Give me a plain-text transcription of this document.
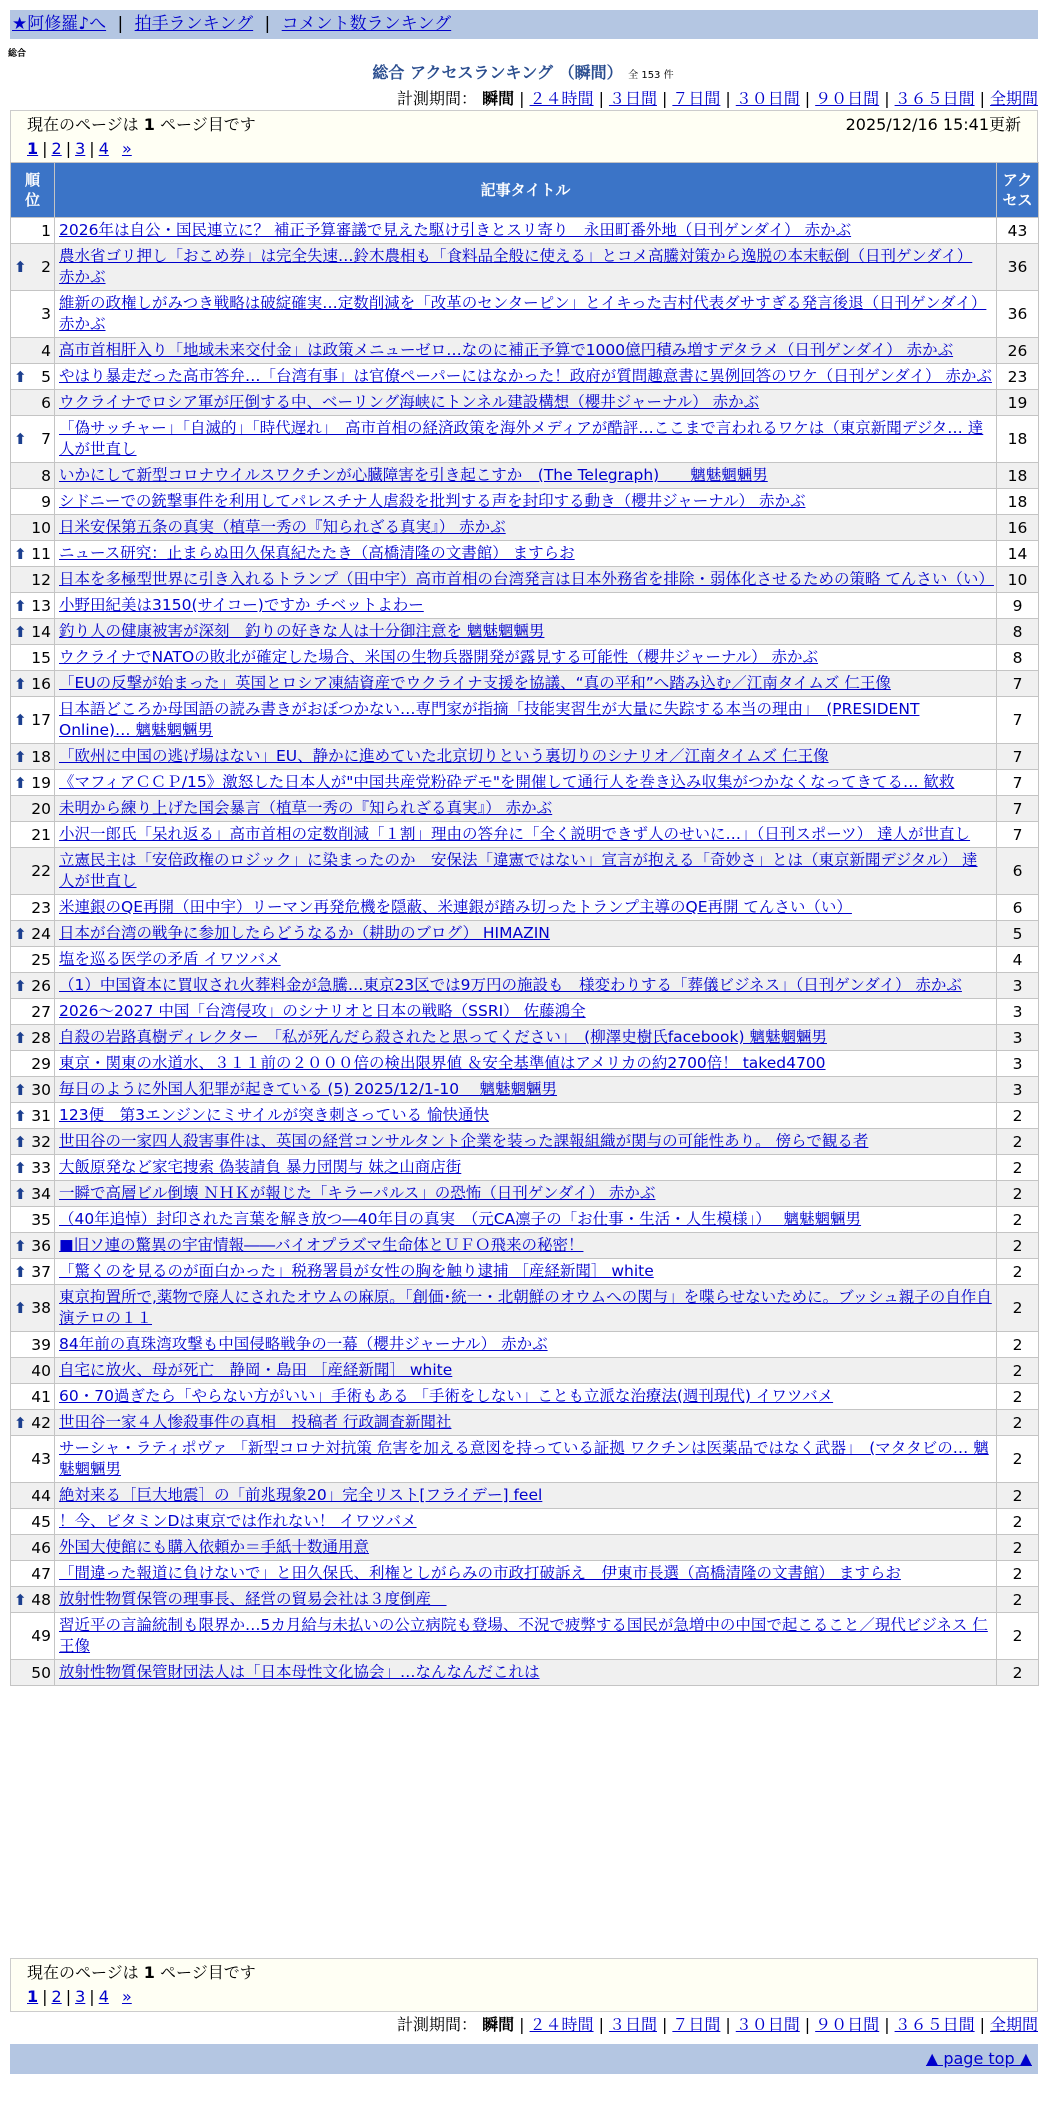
★阿修羅♪へ | 拍手ランキング | コメント数ランキング
総合
総合 アクセスランキング （瞬間） 全 153 件
計測期間： 瞬間 | ２４時間 | ３日間 | ７日間 | ３０日間 | ９０日間 | ３６５日間 | 全期間
現在のページは 1 ページ目です	2025/12/16 15:41更新
1 | 2 | 3 | 4 »
順位	記事タイトル	アクセス
1	2026年は自公・国民連立に？ 補正予算審議で見えた駆け引きとスリ寄り　永田町番外地（日刊ゲンダイ） 赤かぶ	43

⬆ 2	農水省ゴリ押し「おこめ券」は完全失速…鈴木農相も「食料品全般に使える」とコメ高騰対策から逸脱の本末転倒（日刊ゲンダイ） 赤かぶ	36
3	維新の政権しがみつき戦略は破綻確実…定数削減を「改革のセンターピン」とイキった吉村代表ダサすぎる発言後退（日刊ゲンダイ） 赤かぶ	36
4	高市首相肝入り「地域未来交付金」は政策メニューゼロ…なのに補正予算で1000億円積み増すデタラメ（日刊ゲンダイ） 赤かぶ	26

⬆ 5	やはり暴走だった高市答弁…「台湾有事」は官僚ペーパーにはなかった！政府が質問趣意書に異例回答のワケ（日刊ゲンダイ） 赤かぶ	23
6	ウクライナでロシア軍が圧倒する中、ベーリング海峡にトンネル建設構想（櫻井ジャーナル） 赤かぶ	19

⬆ 7	「偽サッチャー」「自滅的」「時代遅れ」　高市首相の経済政策を海外メディアが酷評…ここまで言われるワケは（東京新聞デジタ… 達人が世直し	18
8	いかにして新型コロナウイルスワクチンが心臓障害を引き起こすか　(The Telegraph)　　魑魅魍魎男	18
9	シドニーでの銃撃事件を利用してパレスチナ人虐殺を批判する声を封印する動き（櫻井ジャーナル） 赤かぶ	18
10	日米安保第五条の真実（植草一秀の『知られざる真実』） 赤かぶ	16

⬆ 11	ニュース研究：止まらぬ田久保真紀たたき（高橋清隆の文書館） ますらお	14
12	日本を多極型世界に引き入れるトランプ（田中宇）高市首相の台湾発言は日本外務省を排除・弱体化させるための策略 てんさい（い）	10

⬆ 13	小野田紀美は3150(サイコー)ですか チベットよわー	9

⬆ 14	釣り人の健康被害が深刻　釣りの好きな人は十分御注意を 魑魅魍魎男	8
15	ウクライナでNATOの敗北が確定した場合、米国の生物兵器開発が露見する可能性（櫻井ジャーナル） 赤かぶ	8

⬆ 16	「EUの反撃が始まった」英国とロシア凍結資産でウクライナ支援を協議、“真の平和”へ踏み込む／江南タイムズ 仁王像	7

⬆ 17	日本語どころか母国語の読み書きがおぼつかない…専門家が指摘「技能実習生が大量に失踪する本当の理由」　(PRESIDENT Online)… 魑魅魍魎男	7

⬆ 18	「欧州に中国の逃げ場はない」EU、静かに進めていた北京切りという裏切りのシナリオ／江南タイムズ 仁王像	7

⬆ 19	《マフィアＣＣＰ/15》激怒した日本人が"中国共産党粉砕デモ"を開催して通行人を巻き込み収集がつかなくなってきてる… 歓救	7
20	未明から練り上げた国会暴言（植草一秀の『知られざる真実』） 赤かぶ	7
21	小沢一郎氏「呆れ返る」高市首相の定数削減「１割」理由の答弁に「全く説明できず人のせいに…」（日刊スポーツ） 達人が世直し	7
22	立憲民主は「安倍政権のロジック」に染まったのか　安保法「違憲ではない」宣言が抱える「奇妙さ」とは（東京新聞デジタル） 達人が世直し	6
23	米連銀のQE再開（田中宇）リーマン再発危機を隠蔽、米連銀が踏み切ったトランプ主導のQE再開 てんさい（い）	6

⬆ 24	日本が台湾の戦争に参加したらどうなるか（耕助のブログ） HIMAZIN	5
25	塩を巡る医学の矛盾 イワツバメ	4

⬆ 26	（1）中国資本に買収され火葬料金が急騰…東京23区では9万円の施設も　様変わりする「葬儀ビジネス」（日刊ゲンダイ） 赤かぶ	3
27	2026～2027 中国「台湾侵攻」のシナリオと日本の戦略（SSRI） 佐藤鴻全	3

⬆ 28	自殺の岩路真樹ディレクター　「私が死んだら殺されたと思ってください」　(柳澤史樹氏facebook) 魑魅魍魎男	3
29	東京・関東の水道水、３１１前の２０００倍の検出限界値 ＆安全基準値はアメリカの約2700倍！ taked4700	3

⬆ 30	毎日のように外国人犯罪が起きている (5) 2025/12/1-10　 魑魅魍魎男	3

⬆ 31	123便　第3エンジンにミサイルが突き刺さっている 愉快通快	2

⬆ 32	世田谷の一家四人殺害事件は、英国の経営コンサルタント企業を装った課報組織が関与の可能性あり。 傍らで観る者	2

⬆ 33	大飯原発など家宅捜索 偽装請負 暴力団関与 妹之山商店街	2

⬆ 34	一瞬で高層ビル倒壊 ＮＨＫが報じた「キラーパルス」の恐怖（日刊ゲンダイ） 赤かぶ	2
35	（40年追悼）封印された言葉を解き放つ―40年目の真実　（元CA凛子の「お仕事・生活・人生模様」）　 魑魅魍魎男	2

⬆ 36	■旧ソ連の驚異の宇宙情報――バイオプラズマ生命体とＵＦＯ飛来の秘密！	2

⬆ 37	「驚くのを見るのが面白かった」税務署員が女性の胸を触り逮捕 ［産経新聞］ white	2

⬆ 38	東京拘置所で,薬物で廃人にされたオウムの麻原。「創価･統一・北朝鮮のオウムへの関与」を喋らせないために。ブッシュ親子の自作自演テロの１１	2
39	84年前の真珠湾攻撃も中国侵略戦争の一幕（櫻井ジャーナル） 赤かぶ	2
40	自宅に放火、母が死亡　静岡・島田 ［産経新聞］ white	2
41	60・70過ぎたら「やらない方がいい」手術もある 「手術をしない」ことも立派な治療法(週刊現代) イワツバメ	2

⬆ 42	世田谷一家４人惨殺事件の真相　投稿者 行政調査新聞社	2
43	サーシャ・ラティポヴァ 「新型コロナ対抗策 危害を加える意図を持っている証拠 ワクチンは医薬品ではなく武器」　(マタタビの… 魑魅魍魎男	2
44	絶対来る［巨大地震］の「前兆現象20」完全リスト[フライデー] feel	2
45	！今、ビタミンDは東京では作れない！ イワツバメ	2
46	外国大使館にも購入依頼か＝手紙十数通用意	2
47	「間違った報道に負けないで」と田久保氏、利権としがらみの市政打破訴え　伊東市長選（高橋清隆の文書館） ますらお	2

⬆ 48	放射性物質保管の理事長、経営の貿易会社は３度倒産　	2
49	習近平の言論統制も限界か…5カ月給与未払いの公立病院も登場、不況で疲弊する国民が急増中の中国で起こること／現代ビジネス 仁王像	2
50	放射性物質保管財団法人は「日本母性文化協会」…なんなんだこれは	2
現在のページは 1 ページ目です
1 | 2 | 3 | 4 »
計測期間： 瞬間 | ２４時間 | ３日間 | ７日間 | ３０日間 | ９０日間 | ３６５日間 | 全期間
▲ page top ▲
